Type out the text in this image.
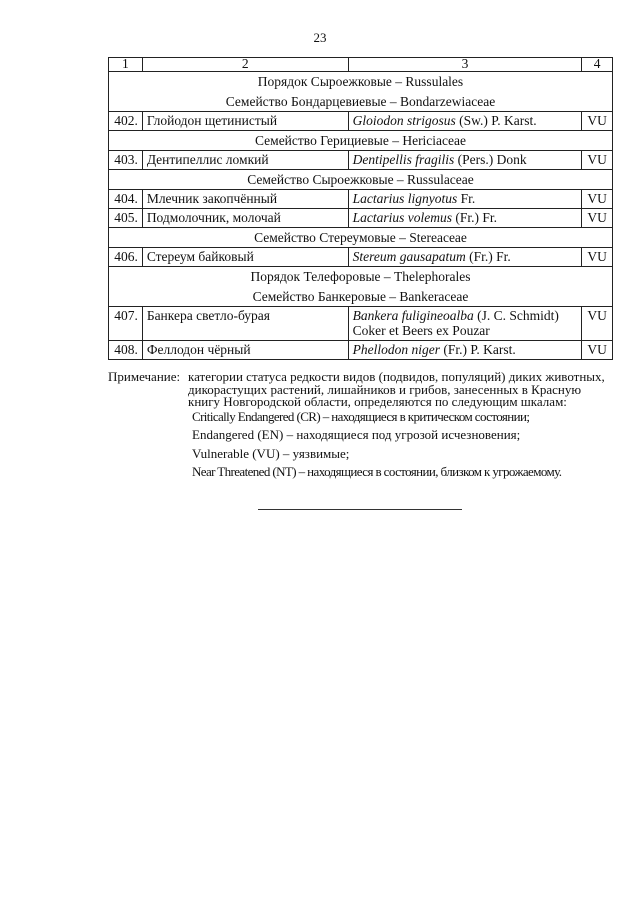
23
1	2	3	4

Порядок Сыроежковые – Russulales
Семейство Бондарцевиевые – Bondarzewiaceae			

402.	Глойодон щетинистый	Gloiodon strigosus (Sw.) P. Karst.	VU
Семейство Герициевые – Hericiaceae			
403.	Дентипеллис ломкий	Dentipellis fragilis (Pers.) Donk	VU
Семейство Сыроежковые – Russulaceae			
404.	Млечник закопчённый	Lactarius lignyotus Fr.	VU
405.	Подмолочник, молочай	Lactarius volemus (Fr.) Fr.	VU
Семейство Стереумовые – Stereaceae			
406.	Стереум байковый	Stereum gausapatum (Fr.) Fr.	VU

Порядок Телефоровые – Thelephorales
Семейство Банкеровые – Bankeraceae			

407.	Банкера светло-бурая	Bankera fuligineoalba (J. C. Schmidt) Coker et Beers ex Pouzar	VU
408.	Феллодон чёрный	Phellodon niger (Fr.) P. Karst.	VU
Примечание: категории статуса редкости видов (подвидов, популяций) диких животных, дикорастущих растений, лишайников и грибов, занесенных в Красную книгу Новгородской области, определяются по следующим шкалам:
Critically Endangered (CR) – находящиеся в критическом состоянии;
Endangered (EN) – находящиеся под угрозой исчезновения;
Vulnerable (VU) – уязвимые;
Near Threatened (NT) – находящиеся в состоянии, близком к угрожаемому.
